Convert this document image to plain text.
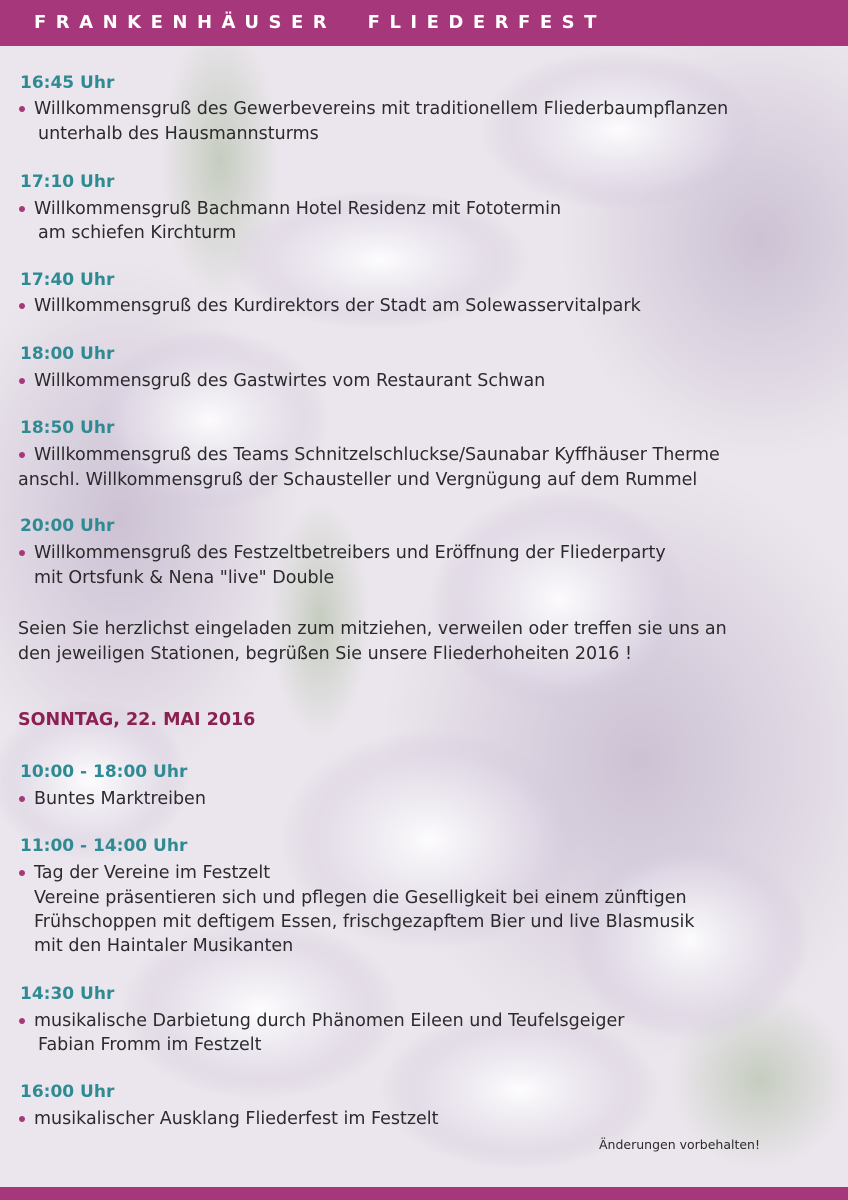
FRANKENHÄUSER  FLIEDERFEST
16:45 Uhr
Willkommensgruß des Gewerbevereins mit traditionellem Fliederbaumpflanzen
unterhalb des Hausmannsturms
17:10 Uhr
Willkommensgruß Bachmann Hotel Residenz mit Fototermin
am schiefen Kirchturm
17:40 Uhr
Willkommensgruß des Kurdirektors der Stadt am Solewasservitalpark
18:00 Uhr
Willkommensgruß des Gastwirtes vom Restaurant Schwan
18:50 Uhr
Willkommensgruß des Teams Schnitzelschluckse/Saunabar Kyffhäuser Therme
anschl. Willkommensgruß der Schausteller und Vergnügung auf dem Rummel
20:00 Uhr
Willkommensgruß des Festzeltbetreibers und Eröffnung der Fliederparty
mit Ortsfunk & Nena "live" Double
Seien Sie herzlichst eingeladen zum mitziehen, verweilen oder treffen sie uns an
den jeweiligen Stationen, begrüßen Sie unsere Fliederhoheiten 2016 !
SONNTAG, 22. MAI 2016
10:00 - 18:00 Uhr
Buntes Marktreiben
11:00 - 14:00 Uhr
Tag der Vereine im Festzelt
Vereine präsentieren sich und pflegen die Geselligkeit bei einem zünftigen
Frühschoppen mit deftigem Essen, frischgezapftem Bier und live Blasmusik
mit den Haintaler Musikanten
14:30 Uhr
musikalische Darbietung durch Phänomen Eileen und Teufelsgeiger
Fabian Fromm im Festzelt
16:00 Uhr
musikalischer Ausklang Fliederfest im Festzelt
Änderungen vorbehalten!
